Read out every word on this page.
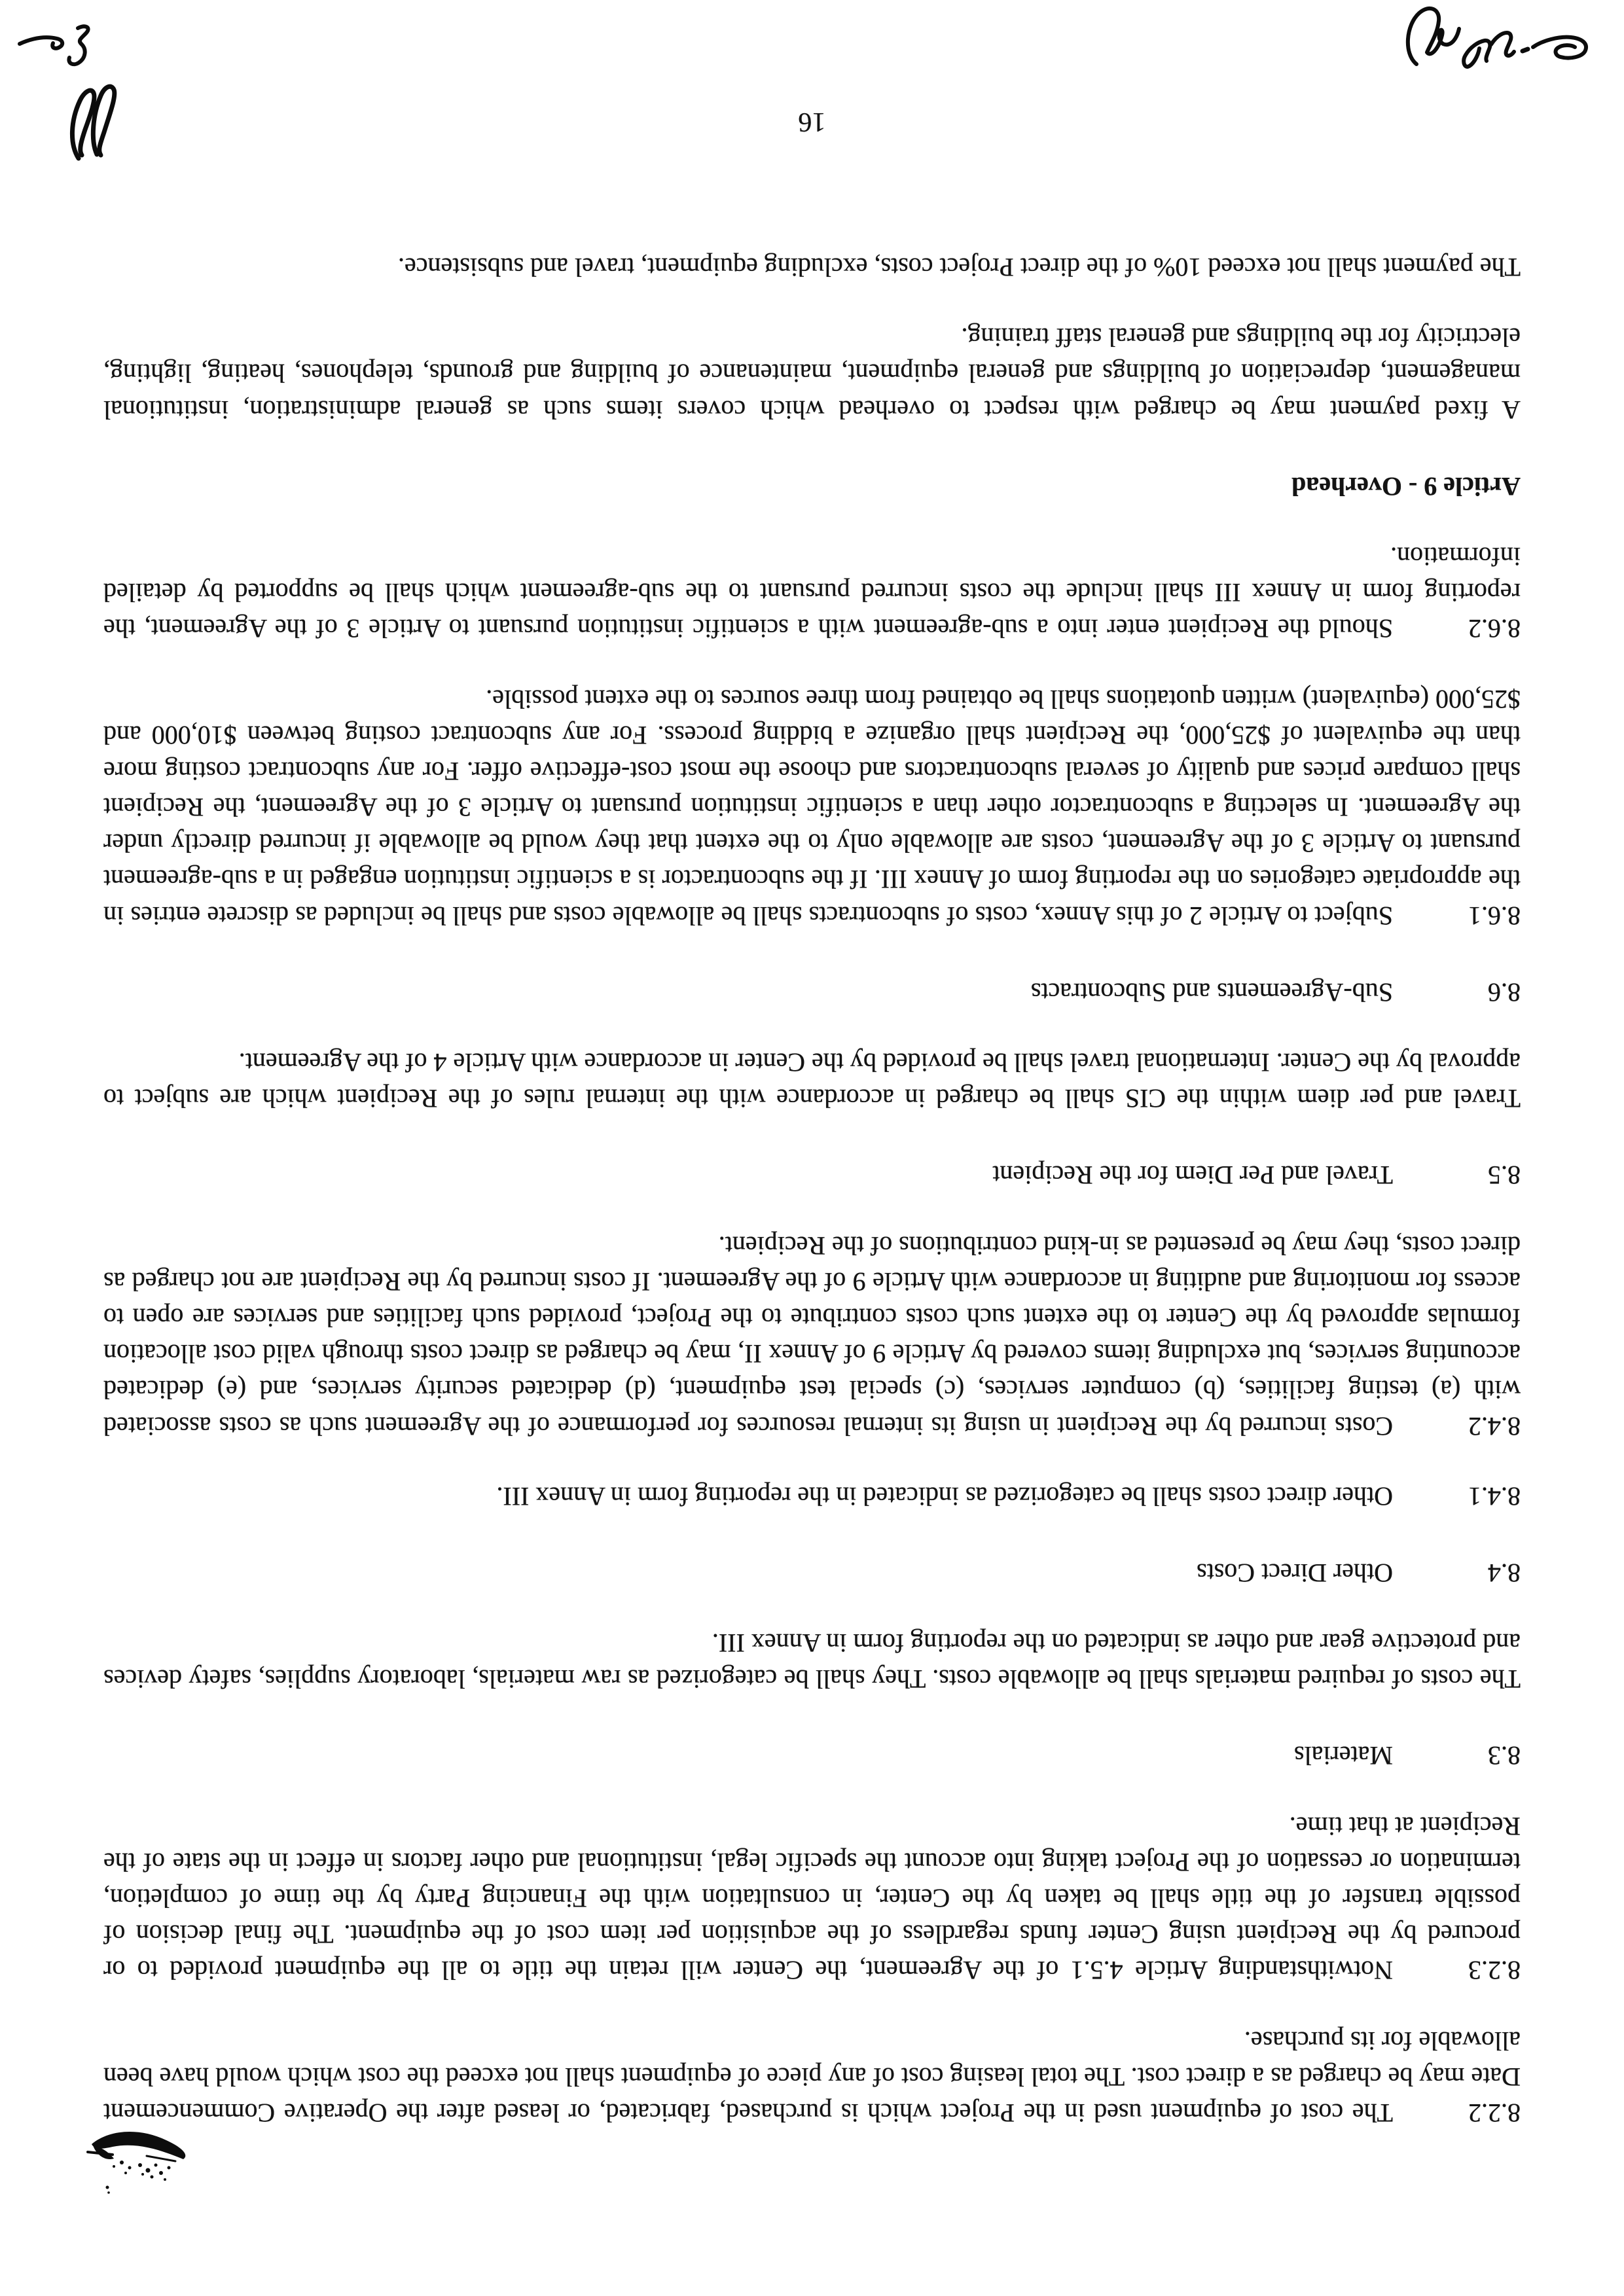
8.2.2The cost of equipment used in the Project which is purchased, fabricated, or leased after the Operative Commencement Date may be charged as a direct cost. The total leasing cost of any piece of equipment shall not exceed the cost which would have been allowable for its purchase.

8.2.3Notwithstanding Article 4.5.1 of the Agreement, the Center will retain the title to all the equipment provided to or procured by the Recipient using Center funds regardless of the acquisition per item cost of the equipment. The final decision of possible transfer of the title shall be taken by the Center, in consultation with the Financing Party by the time of completion, termination or cessation of the Project taking into account the specific legal, institutional and other factors in effect in the state of the Recipient at that time.

8.3Materials

The costs of required materials shall be allowable costs. They shall be categorized as raw materials, laboratory supplies, safety devices and protective gear and other as indicated on the reporting form in Annex III.

8.4Other Direct Costs

8.4.1Other direct costs shall be categorized as indicated in the reporting form in Annex III.

8.4.2Costs incurred by the Recipient in using its internal resources for performance of the Agreement such as costs associated with (a) testing facilities, (b) computer services, (c) special test equipment, (d) dedicated security services, and (e) dedicated accounting services, but excluding items covered by Article 9 of Annex II, may be charged as direct costs through valid cost allocation formulas approved by the Center to the extent such costs contribute to the Project, provided such facilities and services are open to access for monitoring and auditing in accordance with Article 9 of the Agreement. If costs incurred by the Recipient are not charged as direct costs, they may be presented as in-kind contributions of the Recipient.

8.5Travel and Per Diem for the Recipient

Travel and per diem within the CIS shall be charged in accordance with the internal rules of the Recipient which are subject to approval by the Center. International travel shall be provided by the Center in accordance with Article 4 of the Agreement.

8.6Sub-Agreements and Subcontracts

8.6.1Subject to Article 2 of this Annex, costs of subcontracts shall be allowable costs and shall be included as discrete entries in the appropriate categories on the reporting form of Annex III. If the subcontractor is a scientific institution engaged in a sub-agreement pursuant to Article 3 of the Agreement, costs are allowable only to the extent that they would be allowable if incurred directly under the Agreement. In selecting a subcontractor other than a scientific institution pursuant to Article 3 of the Agreement, the Recipient shall compare prices and quality of several subcontractors and choose the most cost-effective offer. For any subcontract costing more than the equivalent of $25,000, the Recipient shall organize a bidding process. For any subcontract costing between $10,000 and $25,000 (equivalent) written quotations shall be obtained from three sources to the extent possible.

8.6.2Should the Recipient enter into a sub-agreement with a scientific institution pursuant to Article 3 of the Agreement, the reporting form in Annex III shall include the costs incurred pursuant to the sub-agreement which shall be supported by detailed information.

Article 9 - Overhead

A fixed payment may be charged with respect to overhead which covers items such as general administration, institutional management, depreciation of buildings and general equipment, maintenance of building and grounds, telephones, heating, lighting, electricity for the buildings and general staff training.

The payment shall not exceed 10% of the direct Project costs, excluding equipment, travel and subsistence.

16
